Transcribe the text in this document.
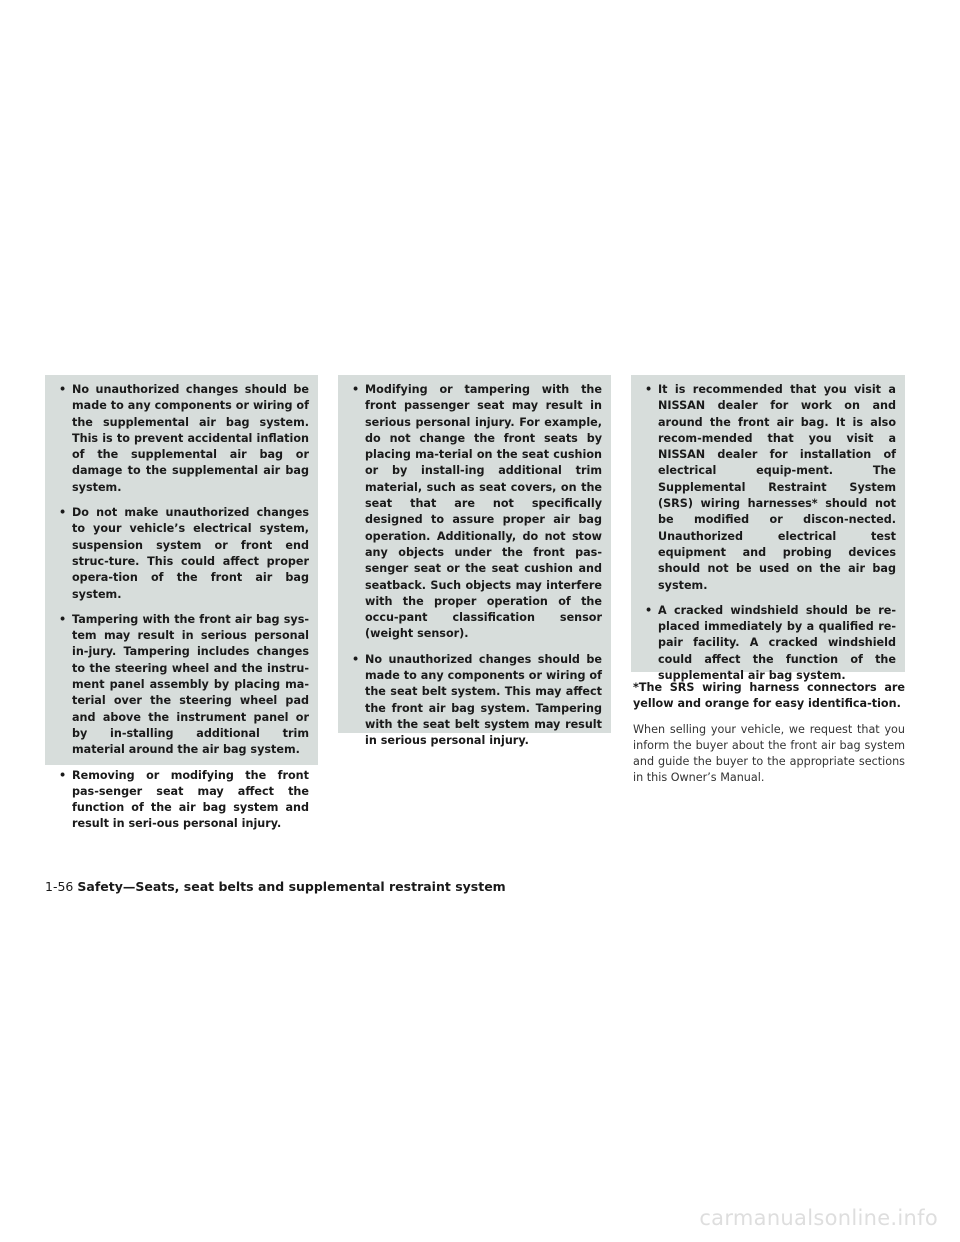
• No unauthorized changes should be made to any components or wiring of the supplemental air bag system. This is to prevent accidental inflation of the supplemental air bag or damage to the supplemental air bag system.
• Do not make unauthorized changes to your vehicle’s electrical system, suspension system or front end struc-ture. This could affect proper opera-tion of the front air bag system.
• Tampering with the front air bag sys-tem may result in serious personal in-jury. Tampering includes changes to the steering wheel and the instru-ment panel assembly by placing ma-terial over the steering wheel pad and above the instrument panel or by in-stalling additional trim material around the air bag system.
• Removing or modifying the front pas-senger seat may affect the function of the air bag system and result in seri-ous personal injury.
• Modifying or tampering with the front passenger seat may result in serious personal injury. For example, do not change the front seats by placing ma-terial on the seat cushion or by install-ing additional trim material, such as seat covers, on the seat that are not specifically designed to assure proper air bag operation. Additionally, do not stow any objects under the front pas-senger seat or the seat cushion and seatback. Such objects may interfere with the proper operation of the occu-pant classification sensor (weight sensor).
• No unauthorized changes should be made to any components or wiring of the seat belt system. This may affect the front air bag system. Tampering with the seat belt system may result in serious personal injury.
• It is recommended that you visit a NISSAN dealer for work on and around the front air bag. It is also recom-mended that you visit a NISSAN dealer for installation of electrical equip-ment. The Supplemental Restraint System (SRS) wiring harnesses* should not be modified or discon-nected. Unauthorized electrical test equipment and probing devices should not be used on the air bag system.
• A cracked windshield should be re-placed immediately by a qualified re-pair facility. A cracked windshield could affect the function of the supplemental air bag system.

*The SRS wiring harness connectors are yellow and orange for easy identifica-tion.

When selling your vehicle, we request that you inform the buyer about the front air bag system and guide the buyer to the appropriate sections in this Owner’s Manual.

1-56 Safety—Seats, seat belts and supplemental restraint system
carmanualsonline.info
